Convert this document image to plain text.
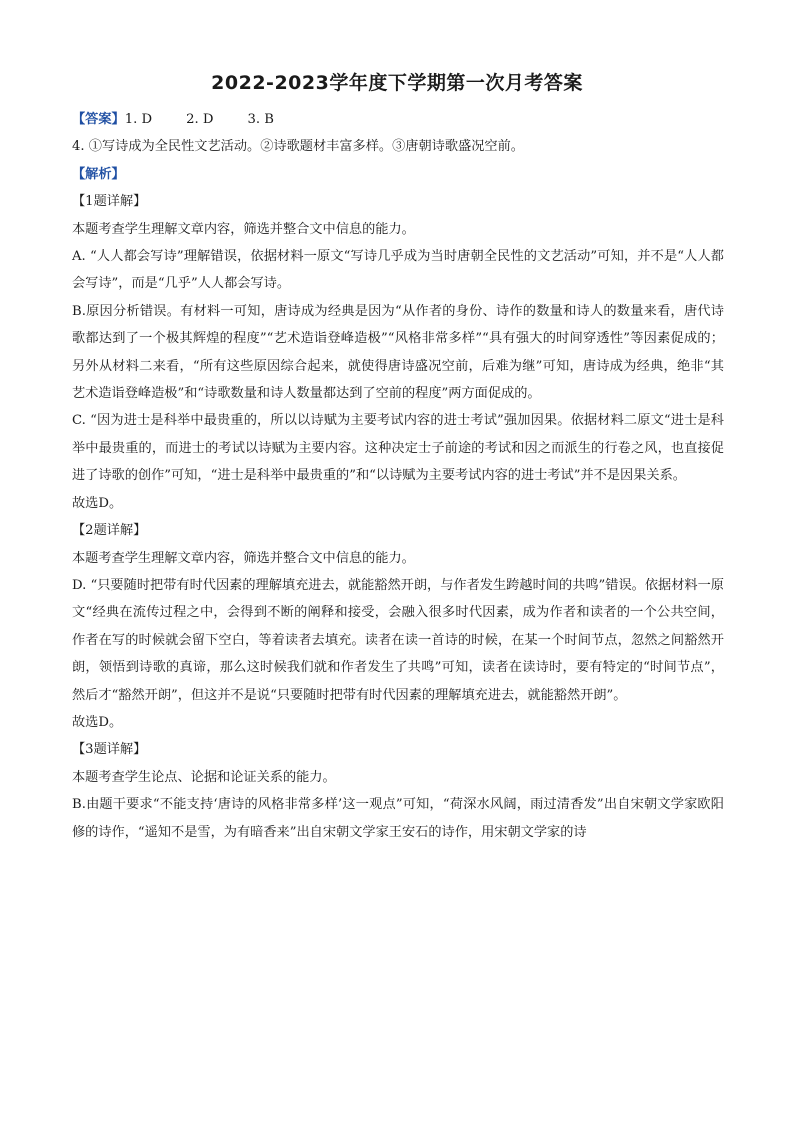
2022-2023学年度下学期第一次月考答案

【答案】1. D	2. D	3. B

4. ①写诗成为全民性文艺活动。②诗歌题材丰富多样。③唐朝诗歌盛况空前。

【解析】

【1题详解】

本题考查学生理解文章内容，筛选并整合文中信息的能力。

A. “人人都会写诗”理解错误，依据材料一原文“写诗几乎成为当时唐朝全民性的文艺活动”可知，并不是“人人都会写诗”，而是“几乎”人人都会写诗。

B.原因分析错误。有材料一可知，唐诗成为经典是因为“从作者的身份、诗作的数量和诗人的数量来看，唐代诗歌都达到了一个极其辉煌的程度”“艺术造诣登峰造极”“风格非常多样”“具有强大的时间穿透性”等因素促成的；另外从材料二来看，“所有这些原因综合起来，就使得唐诗盛况空前，后难为继”可知，唐诗成为经典，绝非“其艺术造诣登峰造极”和“诗歌数量和诗人数量都达到了空前的程度”两方面促成的。

C. “因为进士是科举中最贵重的，所以以诗赋为主要考试内容的进士考试”强加因果。依据材料二原文“进士是科举中最贵重的，而进士的考试以诗赋为主要内容。这种决定士子前途的考试和因之而派生的行卷之风，也直接促进了诗歌的创作”可知，“进士是科举中最贵重的”和“以诗赋为主要考试内容的进士考试”并不是因果关系。

故选D。

【2题详解】

本题考查学生理解文章内容，筛选并整合文中信息的能力。

D. “只要随时把带有时代因素的理解填充进去，就能豁然开朗，与作者发生跨越时间的共鸣”错误。依据材料一原文“经典在流传过程之中，会得到不断的阐释和接受，会融入很多时代因素，成为作者和读者的一个公共空间，作者在写的时候就会留下空白，等着读者去填充。读者在读一首诗的时候，在某一个时间节点，忽然之间豁然开朗，领悟到诗歌的真谛，那么这时候我们就和作者发生了共鸣”可知，读者在读诗时，要有特定的“时间节点”，然后才“豁然开朗”，但这并不是说“只要随时把带有时代因素的理解填充进去，就能豁然开朗”。

故选D。

【3题详解】

本题考查学生论点、论据和论证关系的能力。

B.由题干要求“不能支持‘唐诗的风格非常多样’这一观点”可知，“荷深水风阔，雨过清香发”出自宋朝文学家欧阳修的诗作，“遥知不是雪，为有暗香来”出自宋朝文学家王安石的诗作，用宋朝文学家的诗
